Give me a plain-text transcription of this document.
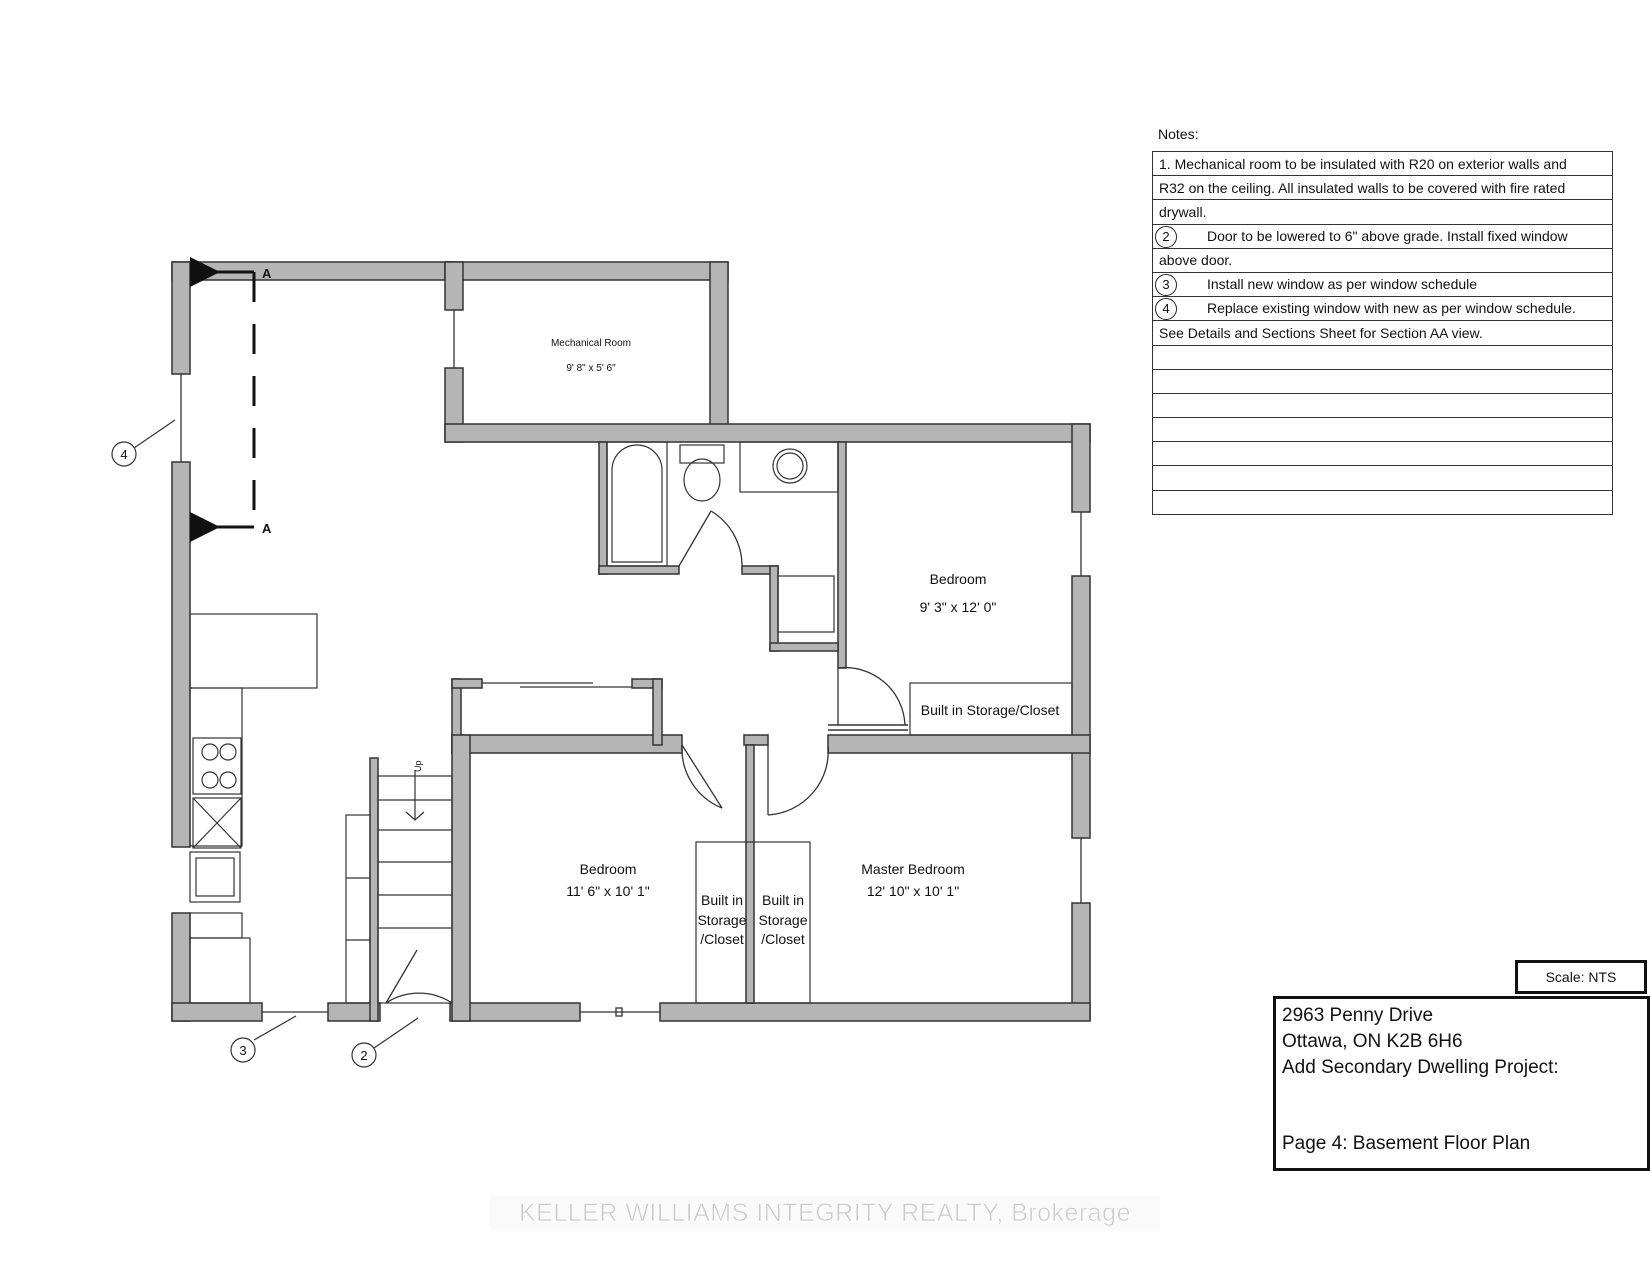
A
A
4
3	2
Mechanical Room
9' 8" x 5' 6"
Bedroom
9' 3" x 12' 0"
Bedroom
11' 6" x 10' 1"
Master Bedroom
12' 10" x 10' 1"
Built in Storage/Closet
Built in
Storage
/Closet
Built in
Storage
/Closet
Up
Notes:
1. Mechanical room to be insulated with R20 on exterior walls and
R32 on the ceiling. All insulated walls to be covered with fire rated
drywall.
2	Door to be lowered to 6" above grade. Install fixed window
above door.
3	Install new window as per window schedule
4	Replace existing window with new as per window schedule.
See Details and Sections Sheet for Section AA view.

Scale: NTS
2963 Penny Drive
Ottawa, ON K2B 6H6
Add Secondary Dwelling Project:
Page 4: Basement Floor Plan
KELLER WILLIAMS INTEGRITY REALTY, Brokerage
